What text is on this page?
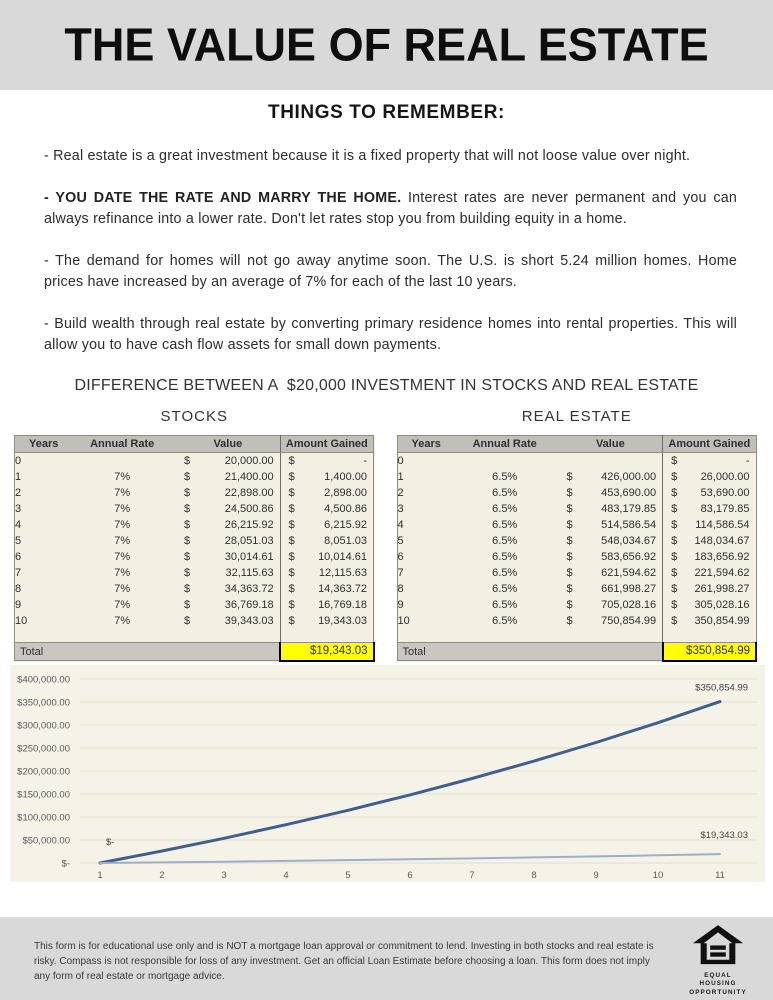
THE VALUE OF REAL ESTATE
THINGS TO REMEMBER:

- Real estate is a great investment because it is a fixed property that will not loose value over night.

- YOU DATE THE RATE AND MARRY THE HOME. Interest rates are never permanent and you can always refinance into a lower rate. Don't let rates stop you from building equity in a home.

- The demand for homes will not go away anytime soon. The U.S. is short 5.24 million homes. Home prices have increased by an average of 7% for each of the last 10 years.

- Build wealth through real estate by converting primary residence homes into rental properties. This will allow you to have cash flow assets for small down payments.

DIFFERENCE BETWEEN A  $20,000 INVESTMENT IN STOCKS AND REAL ESTATE
STOCKS
Years	Annual Rate	Value	Amount Gained
0		$ 20,000.00	$ -

1	7%	$ 21,400.00	$ 1,400.00

2	7%	$ 22,898.00	$ 2,898.00

3	7%	$ 24,500.86	$ 4,500.86

4	7%	$ 26,215.92	$ 6,215.92

5	7%	$ 28,051.03	$ 8,051.03

6	7%	$ 30,014.61	$ 10,014.61

7	7%	$ 32,115.63	$ 12,115.63

8	7%	$ 34,363.72	$ 14,363.72

9	7%	$ 36,769.18	$ 16,769.18

10	7%	$ 39,343.03	$ 19,343.03

Total			$19,343.03
REAL ESTATE
Years	Annual Rate	Value	Amount Gained
0			$ -

1	6.5%	$ 426,000.00	$ 26,000.00

2	6.5%	$ 453,690.00	$ 53,690.00

3	6.5%	$ 483,179.85	$ 83,179.85

4	6.5%	$ 514,586.54	$ 114,586.54

5	6.5%	$ 548,034.67	$ 148,034.67

6	6.5%	$ 583,656.92	$ 183,656.92

7	6.5%	$ 621,594.62	$ 221,594.62

8	6.5%	$ 661,998.27	$ 261,998.27

9	6.5%	$ 705,028.16	$ 305,028.16

10	6.5%	$ 750,854.99	$ 350,854.99

Total			$350,854.99
$-
$50,000.00
$100,000.00
$150,000.00
$200,000.00
$250,000.00
$300,000.00
$350,000.00
$400,000.00
1	2	3	4	5	6	7	8	9	10	11
$350,854.99
$-
$19,343.03
This form is for educational use only and is NOT a mortgage loan approval or commitment to lend. Investing in both stocks and real estate is risky. Compass is not responsible for loss of any investment. Get an official Loan Estimate before choosing a loan. This form does not imply any form of real estate or mortgage advice.	EQUAL HOUSING
OPPORTUNITY
